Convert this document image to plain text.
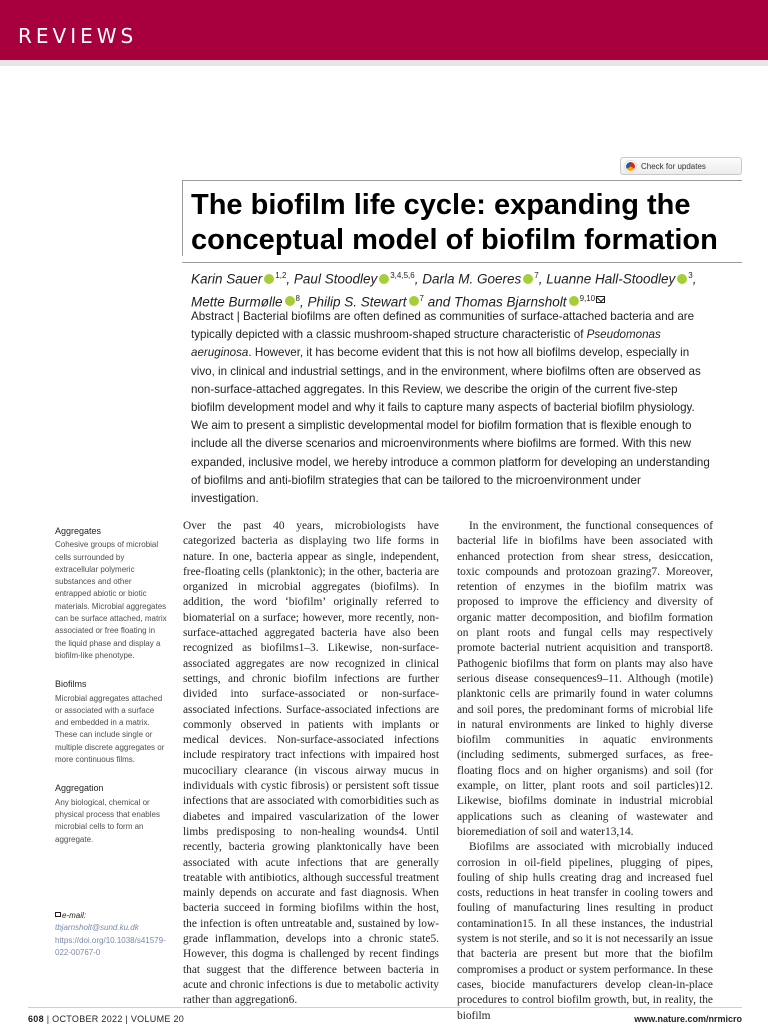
REVIEWS
Check for updates
The biofilm life cycle: expanding the conceptual model of biofilm formation
Karin Sauer $^{1,2}$, Paul Stoodley $^{3,4,5,6}$, Darla M. Goeres $^7$, Luanne Hall-Stoodley $^3$,
Mette Burmølle $^8$, Philip S. Stewart $^7$ and Thomas Bjarnsholt $^{9,10}$

Abstract | Bacterial biofilms are often defined as communities of surface-attached bacteria and are typically depicted with a classic mushroom-shaped structure characteristic of Pseudomonas aeruginosa. However, it has become evident that this is not how all biofilms develop, especially in vivo, in clinical and industrial settings, and in the environment, where biofilms often are observed as non-surface-attached aggregates. In this Review, we describe the origin of the current five-step biofilm development model and why it fails to capture many aspects of bacterial biofilm physiology. We aim to present a simplistic developmental model for biofilm formation that is flexible enough to include all the diverse scenarios and microenvironments where biofilms are formed. With this new expanded, inclusive model, we hereby introduce a common platform for developing an understanding of biofilms and anti-biofilm strategies that can be tailored to the microenvironment under investigation.

Aggregates
Cohesive groups of microbial cells surrounded by extracellular polymeric substances and other entrapped abiotic or biotic materials. Microbial aggregates can be surface attached, matrix associated or free floating in the liquid phase and display a biofilm-like phenotype.
Biofilms
Microbial aggregates attached or associated with a surface and embedded in a matrix. These can include single or multiple discrete aggregates or more continuous films.
Aggregation
Any biological, chemical or physical process that enables microbial cells to form an aggregate.
e-mail: tbjarnsholt@sund.ku.dk
https://doi.org/10.1038/s41579-022-00767-0

Over the past 40 years, microbiologists have categorized bacteria as displaying two life forms in nature. In one, bacteria appear as single, independent, free-floating cells (planktonic); in the other, bacteria are organized in microbial aggregates (biofilms). In addition, the word ‘biofilm’ originally referred to biomaterial on a surface; however, more recently, non-surface-attached aggregated bacteria have also been recognized as biofilms1–3. Likewise, non-surface-associated aggregates are now recognized in clinical settings, and chronic biofilm infections are further divided into surface-associated or non-surface-associated infections. Surface-associated infections are commonly observed in patients with implants or medical devices. Non-surface-associated infections include respiratory tract infections with impaired host mucociliary clearance (in viscous airway mucus in individuals with cystic fibrosis) or persistent soft tissue infections that are associated with comorbidities such as diabetes and impaired vascularization of the lower limbs predisposing to non-healing wounds4. Until recently, bacteria growing planktonically have been associated with acute infections that are generally treatable with antibiotics, although successful treatment mainly depends on accurate and fast diagnosis. When bacteria succeed in forming biofilms within the host, the infection is often untreatable and, sustained by low-grade inflammation, develops into a chronic state5. However, this dogma is challenged by recent findings that suggest that the difference between bacteria in acute and chronic infections is due to metabolic activity rather than aggregation6.

In the environment, the functional consequences of bacterial life in biofilms have been associated with enhanced protection from shear stress, desiccation, toxic compounds and protozoan grazing7. Moreover, retention of enzymes in the biofilm matrix was proposed to improve the efficiency and diversity of organic matter decomposition, and biofilm formation on plant roots and fungal cells may respectively promote bacterial nutrient acquisition and transport8. Pathogenic biofilms that form on plants may also have serious disease consequences9–11. Although (motile) planktonic cells are primarily found in water columns and soil pores, the predominant forms of microbial life in natural environments are linked to highly diverse biofilm communities in aquatic environments (including sediments, submerged surfaces, as free-floating flocs and on higher organisms) and soil (for example, on litter, plant roots and soil particles)12. Likewise, biofilms dominate in industrial microbial applications such as cleaning of wastewater and bioremediation of soil and water13,14.

Biofilms are associated with microbially induced corrosion in oil-field pipelines, plugging of pipes, fouling of ship hulls creating drag and increased fuel costs, reductions in heat transfer in cooling towers and fouling of manufacturing lines resulting in product contamination15. In all these instances, the industrial system is not sterile, and so it is not necessarily an issue that bacteria are present but more that the biofilm compromises a product or system performance. In these cases, biocide manufacturers develop clean-in-place procedures to control biofilm growth, but, in reality, the biofilm

608 | OCTOBER 2022 | VOLUME 20	www.nature.com/nrmicro
